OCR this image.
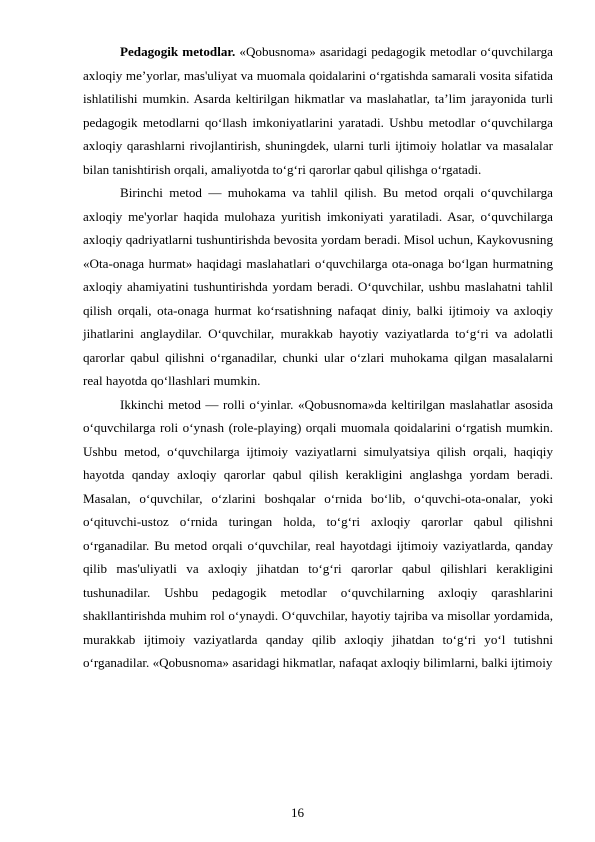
Pedagogik metodlar. «Qobusnoma» asaridagi pedagogik metodlar o‘quvchilarga axloqiy me’yorlar, mas'uliyat va muomala qoidalarini o‘rgatishda samarali vosita sifatida ishlatilishi mumkin. Asarda keltirilgan hikmatlar va maslahatlar, ta’lim jarayonida turli pedagogik metodlarni qo‘llash imkoniyatlarini yaratadi. Ushbu metodlar o‘quvchilarga axloqiy qarashlarni rivojlantirish, shuningdek, ularni turli ijtimoiy holatlar va masalalar bilan tanishtirish orqali, amaliyotda to‘g‘ri qarorlar qabul qilishga o‘rgatadi.

Birinchi metod — muhokama va tahlil qilish. Bu metod orqali o‘quvchilarga axloqiy me'yorlar haqida mulohaza yuritish imkoniyati yaratiladi. Asar, o‘quvchilarga axloqiy qadriyatlarni tushuntirishda bevosita yordam beradi. Misol uchun, Kaykovusning «Ota-onaga hurmat» haqidagi maslahatlari o‘quvchilarga ota-onaga bo‘lgan hurmatning axloqiy ahamiyatini tushuntirishda yordam beradi. O‘quvchilar, ushbu maslahatni tahlil qilish orqali, ota-onaga hurmat ko‘rsatishning nafaqat diniy, balki ijtimoiy va axloqiy jihatlarini anglaydilar. O‘quvchilar, murakkab hayotiy vaziyatlarda to‘g‘ri va adolatli qarorlar qabul qilishni o‘rganadilar, chunki ular o‘zlari muhokama qilgan masalalarni real hayotda qo‘llashlari mumkin.

Ikkinchi metod — rolli o‘yinlar. «Qobusnoma»da keltirilgan maslahatlar asosida o‘quvchilarga roli o‘ynash (role-playing) orqali muomala qoidalarini o‘rgatish mumkin. Ushbu metod, o‘quvchilarga ijtimoiy vaziyatlarni simulyatsiya qilish orqali, haqiqiy hayotda qanday axloqiy qarorlar qabul qilish kerakligini anglashga yordam beradi. Masalan, o‘quvchilar, o‘zlarini boshqalar o‘rnida bo‘lib, o‘quvchi-ota-onalar, yoki o‘qituvchi-ustoz o‘rnida turingan holda, to‘g‘ri axloqiy qarorlar qabul qilishni o‘rganadilar. Bu metod orqali o‘quvchilar, real hayotdagi ijtimoiy vaziyatlarda, qanday qilib mas'uliyatli va axloqiy jihatdan to‘g‘ri qarorlar qabul qilishlari kerakligini tushunadilar. Ushbu pedagogik metodlar o‘quvchilarning axloqiy qarashlarini shakllantirishda muhim rol o‘ynaydi. O‘quvchilar, hayotiy tajriba va misollar yordamida, murakkab ijtimoiy vaziyatlarda qanday qilib axloqiy jihatdan to‘g‘ri yo‘l tutishni o‘rganadilar. «Qobusnoma» asaridagi hikmatlar, nafaqat axloqiy bilimlarni, balki ijtimoiy

16
